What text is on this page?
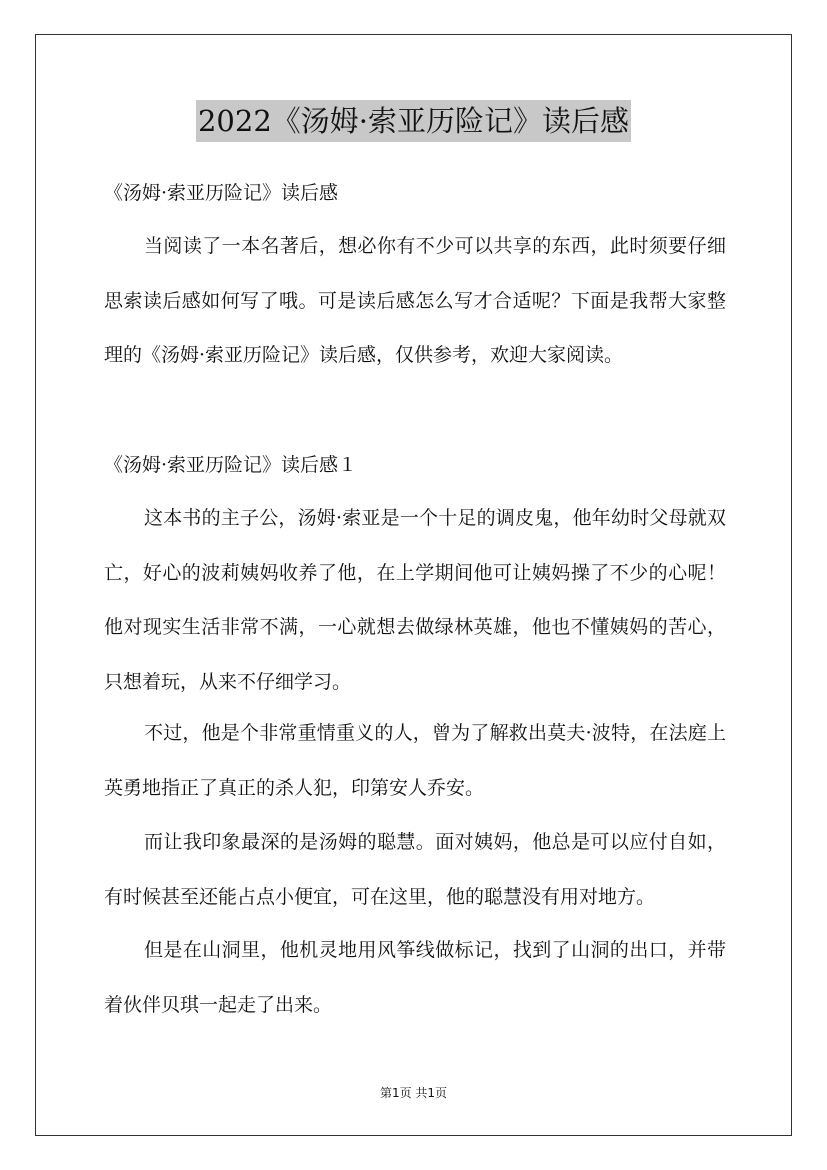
2022《汤姆·索亚历险记》读后感
《汤姆·索亚历险记》读后感

当阅读了一本名著后，想必你有不少可以共享的东西，此时须要仔细思索读后感如何写了哦。可是读后感怎么写才合适呢？下面是我帮大家整理的《汤姆·索亚历险记》读后感，仅供参考，欢迎大家阅读。

《汤姆·索亚历险记》读后感１

这本书的主子公，汤姆·索亚是一个十足的调皮鬼，他年幼时父母就双亡，好心的波莉姨妈收养了他，在上学期间他可让姨妈操了不少的心呢！他对现实生活非常不满，一心就想去做绿林英雄，他也不懂姨妈的苦心，只想着玩，从来不仔细学习。

不过，他是个非常重情重义的人，曾为了解救出莫夫·波特，在法庭上英勇地指正了真正的杀人犯，印第安人乔安。

而让我印象最深的是汤姆的聪慧。面对姨妈，他总是可以应付自如，有时候甚至还能占点小便宜，可在这里，他的聪慧没有用对地方。

但是在山洞里，他机灵地用风筝线做标记，找到了山洞的出口，并带着伙伴贝琪一起走了出来。

第1页 共1页
